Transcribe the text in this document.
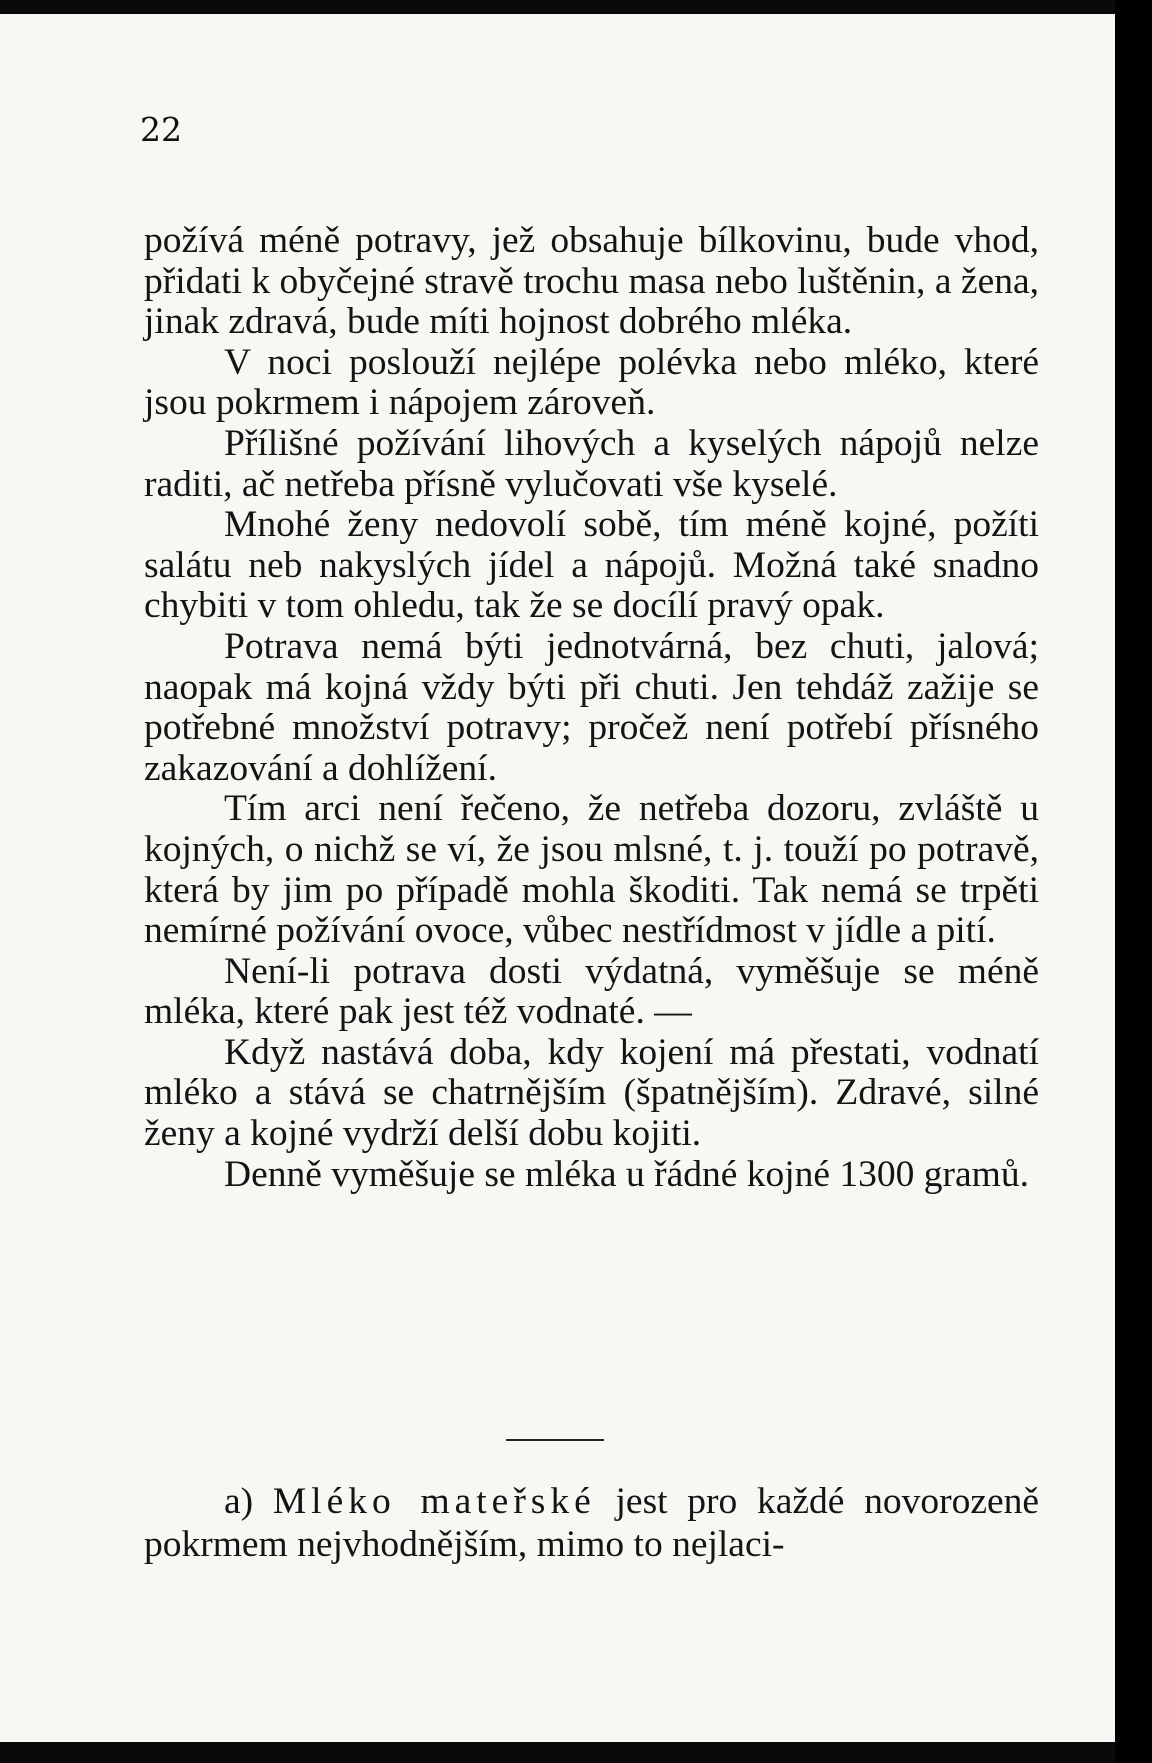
22

požívá méně potravy, jež obsahuje bílkovinu, bude vhod, přidati k obyčejné stravě trochu masa nebo luštěnin, a žena, jinak zdravá, bude míti hojnost dobrého mléka.

V noci poslouží nejlépe polévka nebo mléko, které jsou pokrmem i nápojem zároveň.

Přílišné požívání lihových a kyselých nápojů nelze raditi, ač netřeba přísně vylučovati vše kyselé.

Mnohé ženy nedovolí sobě, tím méně kojné, požíti salátu neb nakyslých jídel a nápojů. Možná také snadno chybiti v tom ohledu, tak že se docílí pravý opak.

Potrava nemá býti jednotvárná, bez chuti, jalová; naopak má kojná vždy býti při chuti. Jen tehdáž zažije se potřebné množství potravy; pročež není potřebí přísného zakazování a dohlížení.

Tím arci není řečeno, že netřeba dozoru, zvláště u kojných, o nichž se ví, že jsou mlsné, t. j. touží po potravě, která by jim po případě mohla škoditi. Tak nemá se trpěti nemírné požívání ovoce, vůbec nestřídmost v jídle a pití.

Není-li potrava dosti výdatná, vyměšuje se méně mléka, které pak jest též vodnaté. —

Když nastává doba, kdy kojení má přestati, vodnatí mléko a stává se chatrnějším (špatnějším). Zdravé, silné ženy a kojné vydrží delší dobu kojiti.

Denně vyměšuje se mléka u řádné kojné 1300 gramů.

a) Mléko mateřské jest pro každé novorozeně pokrmem nejvhodnějším, mimo to nejlaci-
